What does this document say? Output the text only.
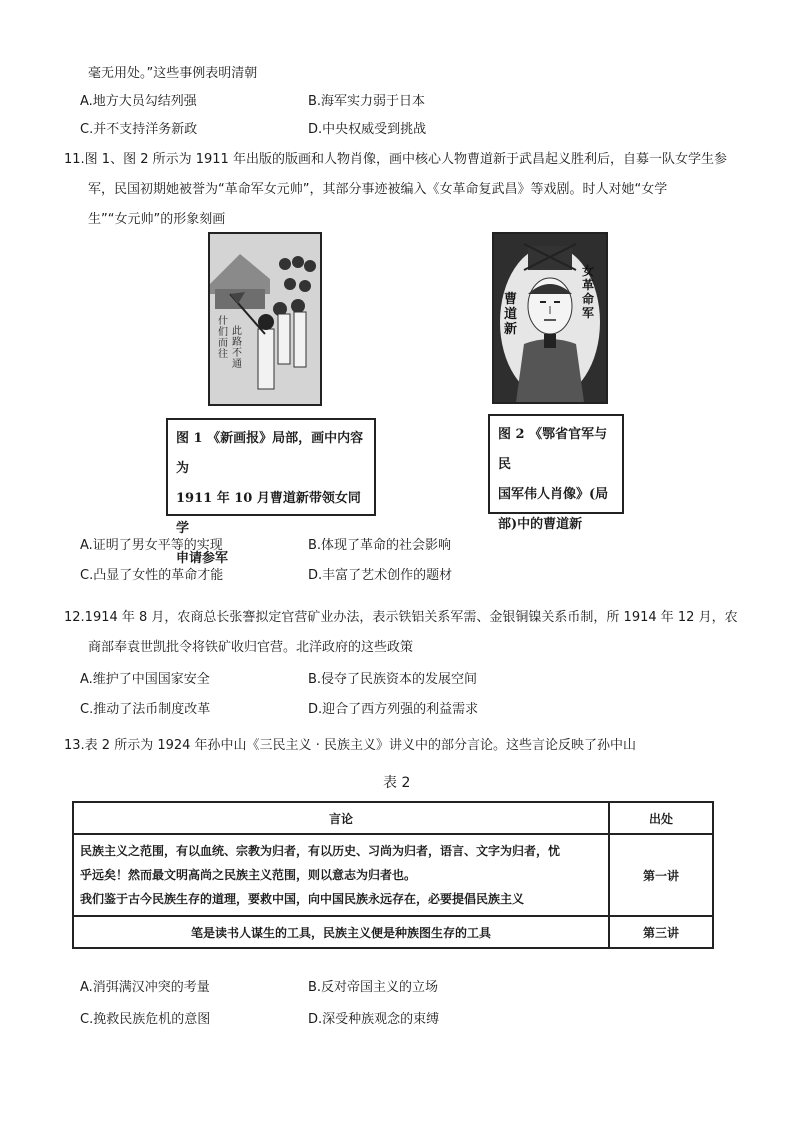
毫无用处。”这些事例表明清朝
A.地方大员勾结列强	B.海军实力弱于日本
C.并不支持洋务新政	D.中央权威受到挑战
11.图 1、图 2 所示为 1911 年出版的版画和人物肖像，画中核心人物曹道新于武昌起义胜利后，自募一队女学生参
军，民国初期她被誉为“革命军女元帅”，其部分事迹被编入《女革命复武昌》等戏剧。时人对她“女学
生”“女元帅”的形象刻画
什们而往
此路不通
曹道新
女革命军
图 1 《新画报》局部，画中内容为
1911 年 10 月曹道新带领女同学
申请参军
图 2 《鄂省官军与民
国军伟人肖像》(局
部)中的曹道新
A.证明了男女平等的实现	B.体现了革命的社会影响
C.凸显了女性的革命才能	D.丰富了艺术创作的题材
12.1914 年 8 月，农商总长张謇拟定官营矿业办法，表示铁铝关系军需、金银铜镍关系币制，所 1914 年 12 月，农
商部奉袁世凯批令将铁矿收归官营。北洋政府的这些政策
A.维护了中国国家安全	B.侵夺了民族资本的发展空间
C.推动了法币制度改革	D.迎合了西方列强的利益需求
13.表 2 所示为 1924 年孙中山《三民主义 · 民族主义》讲义中的部分言论。这些言论反映了孙中山
表 2
言论	出处

民族主义之范围，有以血统、宗教为归者，有以历史、习尚为归者，语言、文字为归者，忧
乎远矣！然而最文明高尚之民族主义范围，则以意志为归者也。
我们鉴于古今民族生存的道理，要救中国，向中国民族永远存在，必要提倡民族主义	第一讲
笔是读书人谋生的工具，民族主义便是种族图生存的工具	第三讲
A.消弭满汉冲突的考量	B.反对帝国主义的立场
C.挽救民族危机的意图	D.深受种族观念的束缚
